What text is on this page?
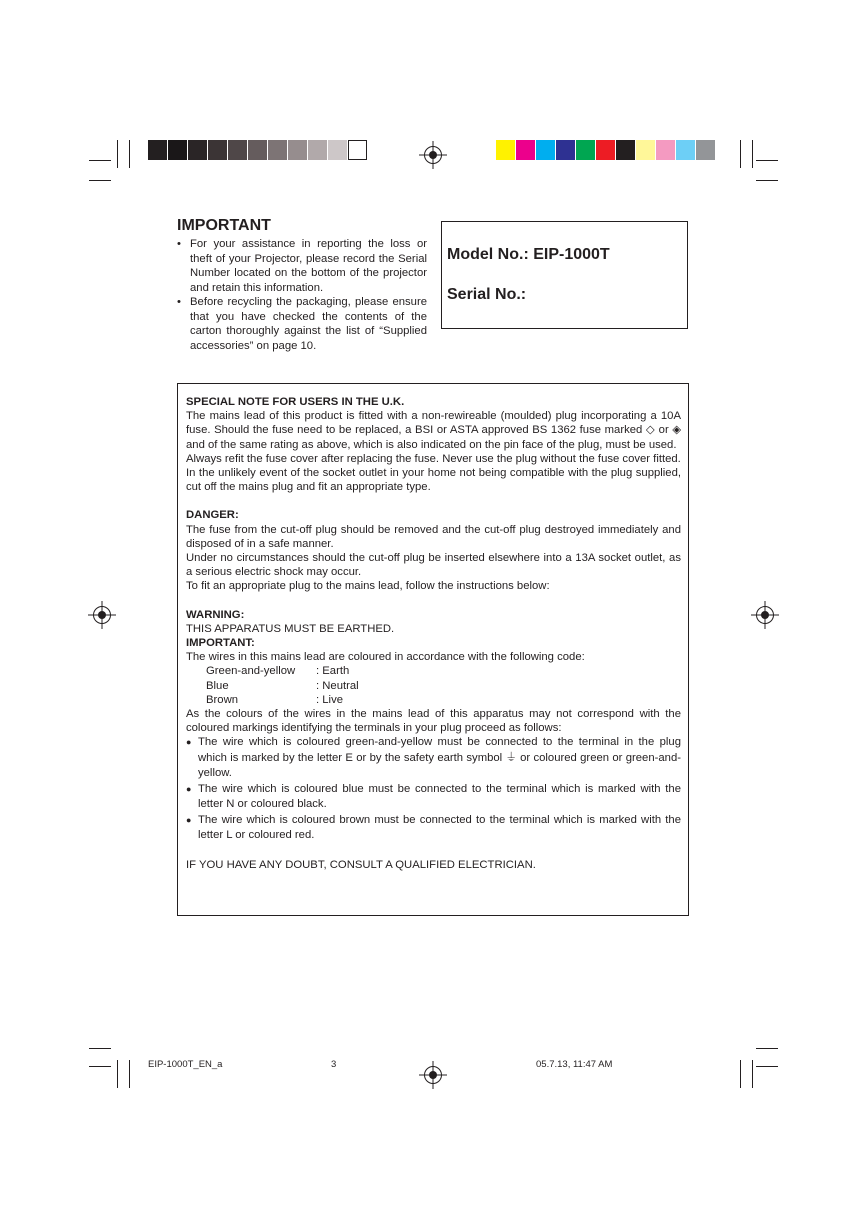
IMPORTANT
• For your assistance in reporting the loss or theft of your Projector, please record the Serial Number located on the bottom of the projector and retain this information.
• Before recycling the packaging, please ensure that you have checked the contents of the carton thoroughly against the list of “Supplied accessories” on page 10.
Model No.: EIP-1000T
Serial No.:

SPECIAL NOTE FOR USERS IN THE U.K.

The mains lead of this product is fitted with a non-rewireable (moulded) plug incorporating a 10A fuse. Should the fuse need to be replaced, a BSI or ASTA approved BS 1362 fuse marked ◇ or ◈ and of the same rating as above, which is also indicated on the pin face of the plug, must be used.

Always refit the fuse cover after replacing the fuse. Never use the plug without the fuse cover fitted.

In the unlikely event of the socket outlet in your home not being compatible with the plug supplied, cut off the mains plug and fit an appropriate type.

DANGER:

The fuse from the cut-off plug should be removed and the cut-off plug destroyed immediately and disposed of in a safe manner.

Under no circumstances should the cut-off plug be inserted elsewhere into a 13A socket outlet, as a serious electric shock may occur.

To fit an appropriate plug to the mains lead, follow the instructions below:

WARNING:

THIS APPARATUS MUST BE EARTHED.

IMPORTANT:

The wires in this mains lead are coloured in accordance with the following code:

Green-and-yellow	: Earth
Blue	: Neutral
Brown	: Live

As the colours of the wires in the mains lead of this apparatus may not correspond with the coloured markings identifying the terminals in your plug proceed as follows:

● The wire which is coloured green-and-yellow must be connected to the terminal in the plug which is marked by the letter E or by the safety earth symbol ⏚ or coloured green or green-and-yellow.

● The wire which is coloured blue must be connected to the terminal which is marked with the letter N or coloured black.

● The wire which is coloured brown must be connected to the terminal which is marked with the letter L or coloured red.

IF YOU HAVE ANY DOUBT, CONSULT A QUALIFIED ELECTRICIAN.

EIP-1000T_EN_a	3	05.7.13, 11:47 AM
